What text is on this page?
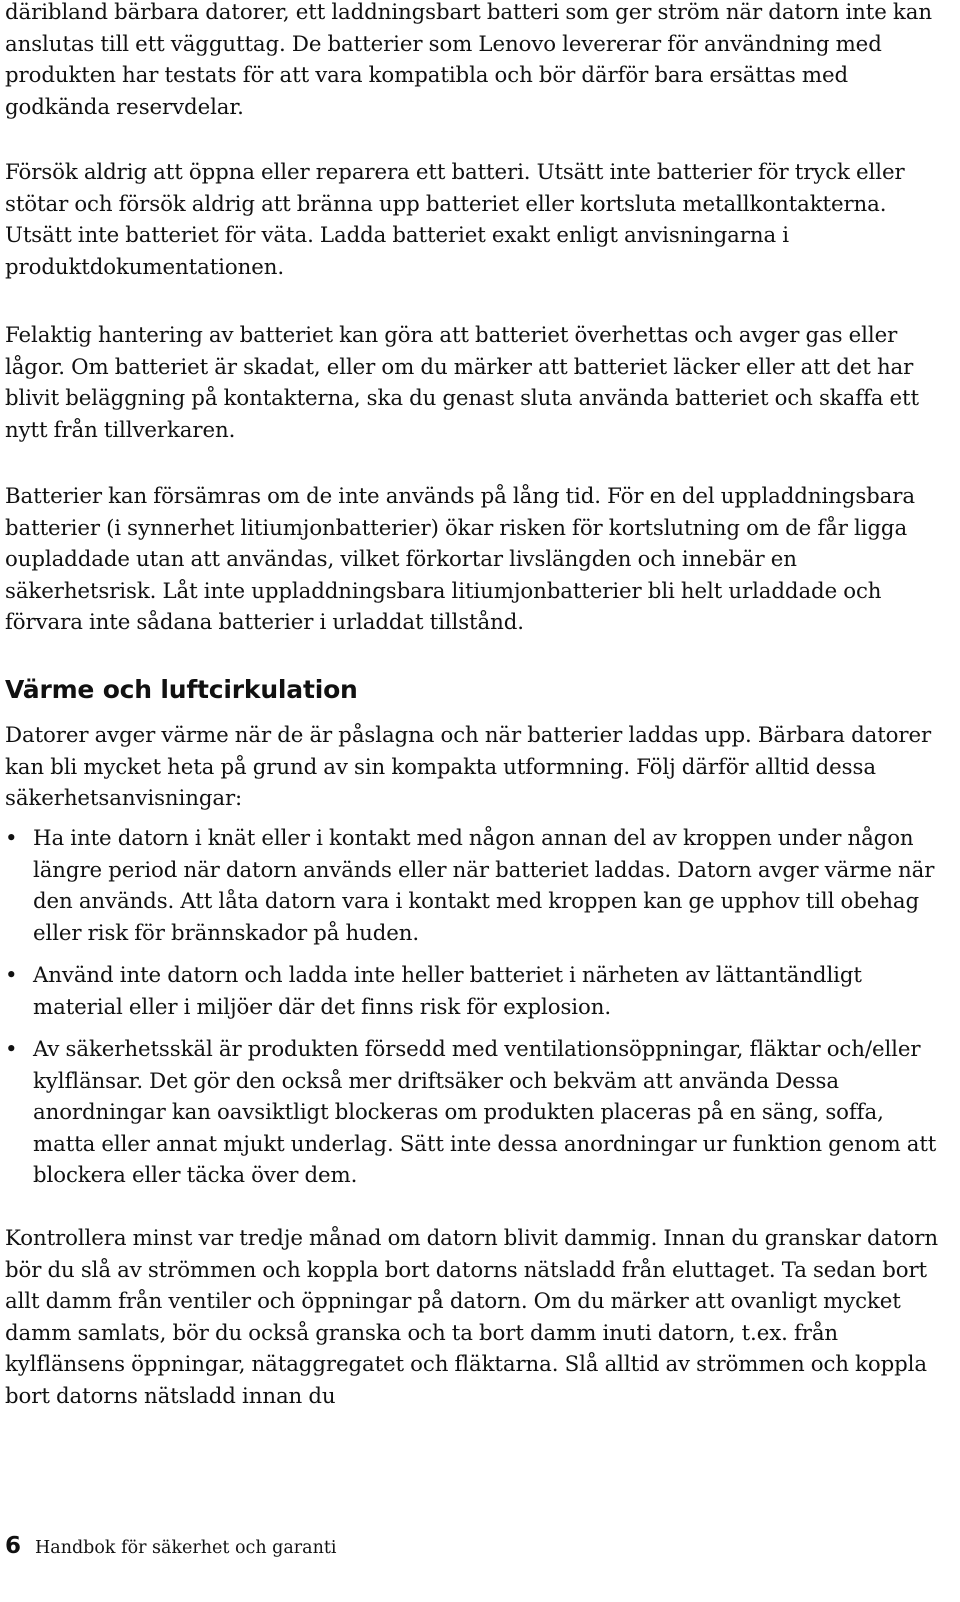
däribland bärbara datorer, ett laddningsbart batteri som ger ström när datorn inte kan anslutas till ett vägguttag. De batterier som Lenovo levererar för användning med produkten har testats för att vara kompatibla och bör därför bara ersättas med godkända reservdelar.

Försök aldrig att öppna eller reparera ett batteri. Utsätt inte batterier för tryck eller stötar och försök aldrig att bränna upp batteriet eller kortsluta metallkontakterna. Utsätt inte batteriet för väta. Ladda batteriet exakt enligt anvisningarna i produktdokumentationen.

Felaktig hantering av batteriet kan göra att batteriet överhettas och avger gas eller lågor. Om batteriet är skadat, eller om du märker att batteriet läcker eller att det har blivit beläggning på kontakterna, ska du genast sluta använda batteriet och skaffa ett nytt från tillverkaren.

Batterier kan försämras om de inte används på lång tid. För en del uppladdningsbara batterier (i synnerhet litiumjonbatterier) ökar risken för kortslutning om de får ligga oupladdade utan att användas, vilket förkortar livslängden och innebär en säkerhetsrisk. Låt inte uppladdningsbara litiumjonbatterier bli helt urladdade och förvara inte sådana batterier i urladdat tillstånd.

Värme och luftcirkulation

Datorer avger värme när de är påslagna och när batterier laddas upp. Bärbara datorer kan bli mycket heta på grund av sin kompakta utformning. Följ därför alltid dessa säkerhetsanvisningar:

• Ha inte datorn i knät eller i kontakt med någon annan del av kroppen under någon längre period när datorn används eller när batteriet laddas. Datorn avger värme när den används. Att låta datorn vara i kontakt med kroppen kan ge upphov till obehag eller risk för brännskador på huden.

• Använd inte datorn och ladda inte heller batteriet i närheten av lättantändligt material eller i miljöer där det finns risk för explosion.

• Av säkerhetsskäl är produkten försedd med ventilationsöppningar, fläktar och/eller kylflänsar. Det gör den också mer driftsäker och bekväm att använda Dessa anordningar kan oavsiktligt blockeras om produkten placeras på en säng, soffa, matta eller annat mjukt underlag. Sätt inte dessa anordningar ur funktion genom att blockera eller täcka över dem.

Kontrollera minst var tredje månad om datorn blivit dammig. Innan du granskar datorn bör du slå av strömmen och koppla bort datorns nätsladd från eluttaget. Ta sedan bort allt damm från ventiler och öppningar på datorn. Om du märker att ovanligt mycket damm samlats, bör du också granska och ta bort damm inuti datorn, t.ex. från kylflänsens öppningar, nätaggregatet och fläktarna. Slå alltid av strömmen och koppla bort datorns nätsladd innan du

6 Handbok för säkerhet och garanti
